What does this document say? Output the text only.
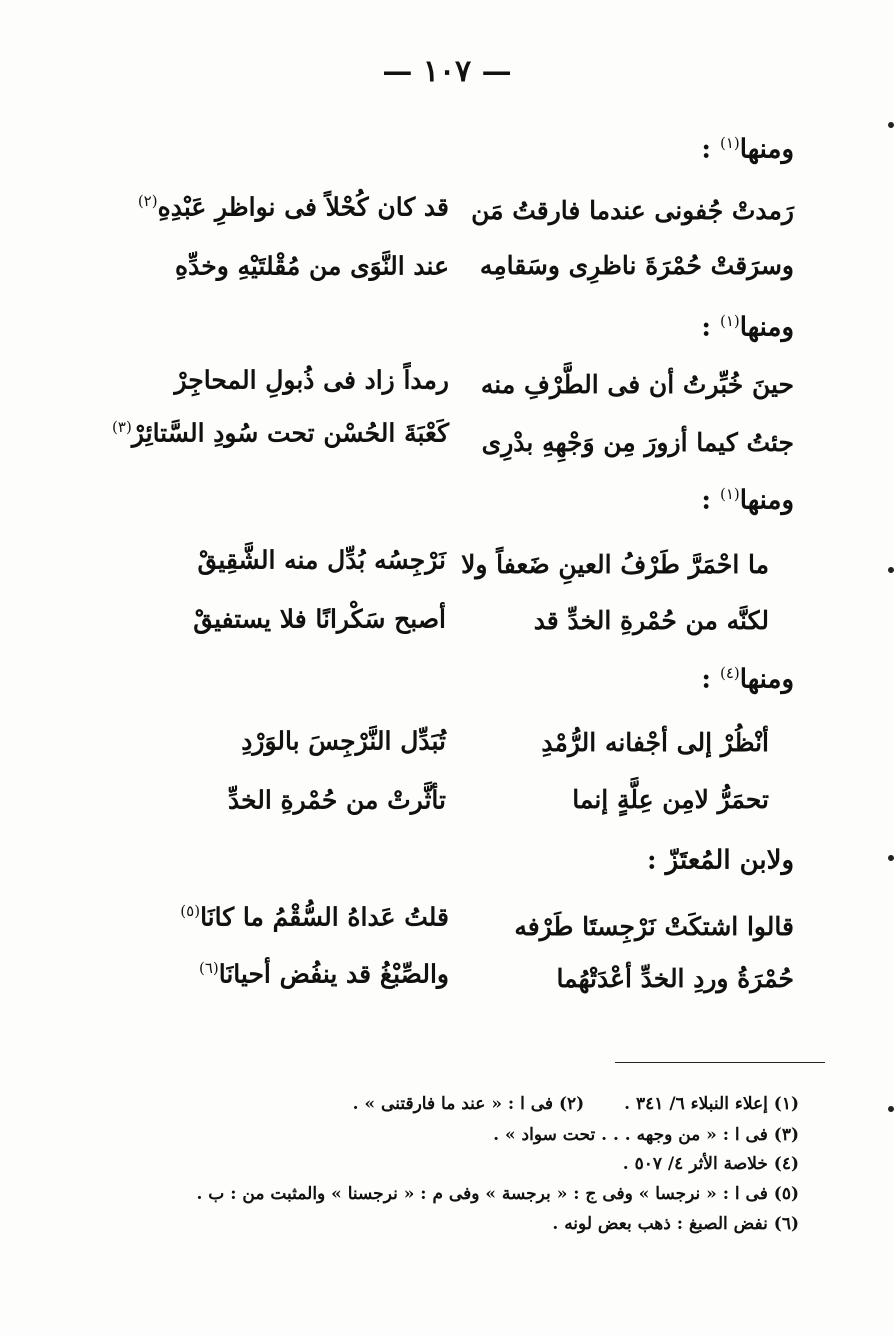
— ١٠٧ —
ومنها$^{(١)}$ :
رَمدتْ جُفونى عندما فارقتُ مَن
قد كان كُحْلاً فى نواظرِ عَبْدِهِ$^{(٢)}$
وسرَقتْ حُمْرَةَ ناظرِى وسَقامِه
عند النَّوَى من مُقْلتَيْهِ وخدِّهِ
ومنها$^{(١)}$ :
حينَ خُبِّرتُ أن فى الطَّرْفِ منه
رمداً زاد فى ذُبولِ المحاجِرْ
جئتُ كيما أزورَ مِن وَجْهِهِ بدْرِى
كَعْبَةَ الحُسْن تحت سُودِ السَّتائِرْ$^{(٣)}$
ومنها$^{(١)}$ :
ما احْمَرَّ طَرْفُ العينِ ضَعفاً ولا
نَرْجِسُه بُدِّل منه الشَّقِيقْ
لكنَّه من حُمْرةِ الخدِّ قد
أصبح سَكْرانًا فلا يستفيقْ
ومنها$^{(٤)}$ :
أنْظُرْ إلى أجْفانه الرُّمْدِ
تُبَدِّل النَّرْجِسَ بالوَرْدِ
تحمَرُّ لامِن عِلَّةٍ إنما
تأثَّرتْ من حُمْرةِ الخدِّ
ولابن المُعتَزّ :
قالوا اشتكَتْ نَرْجِستَا طَرْفه
قلتُ عَداهُ السُّقْمُ ما كانَا$^{(٥)}$
حُمْرَةُ وردِ الخدِّ أعْدَتْهُما
والصِّبْغُ قد ينفُض أحيانَا$^{(٦)}$
(١) إعلاء النبلاء ٦/ ٣٤١ .(٢) فى ا : « عند ما فارقتنى » .
(٣) فى ا : « من وجهه . . . تحت سواد » .
(٤) خلاصة الأثر ٤/ ٥٠٧ .
(٥) فى ا : « نرجسا » وفى ج : « برجسة » وفى م : « نرجسنا » والمثبت من : ب .
(٦) نفض الصبغ : ذهب بعض لونه .
